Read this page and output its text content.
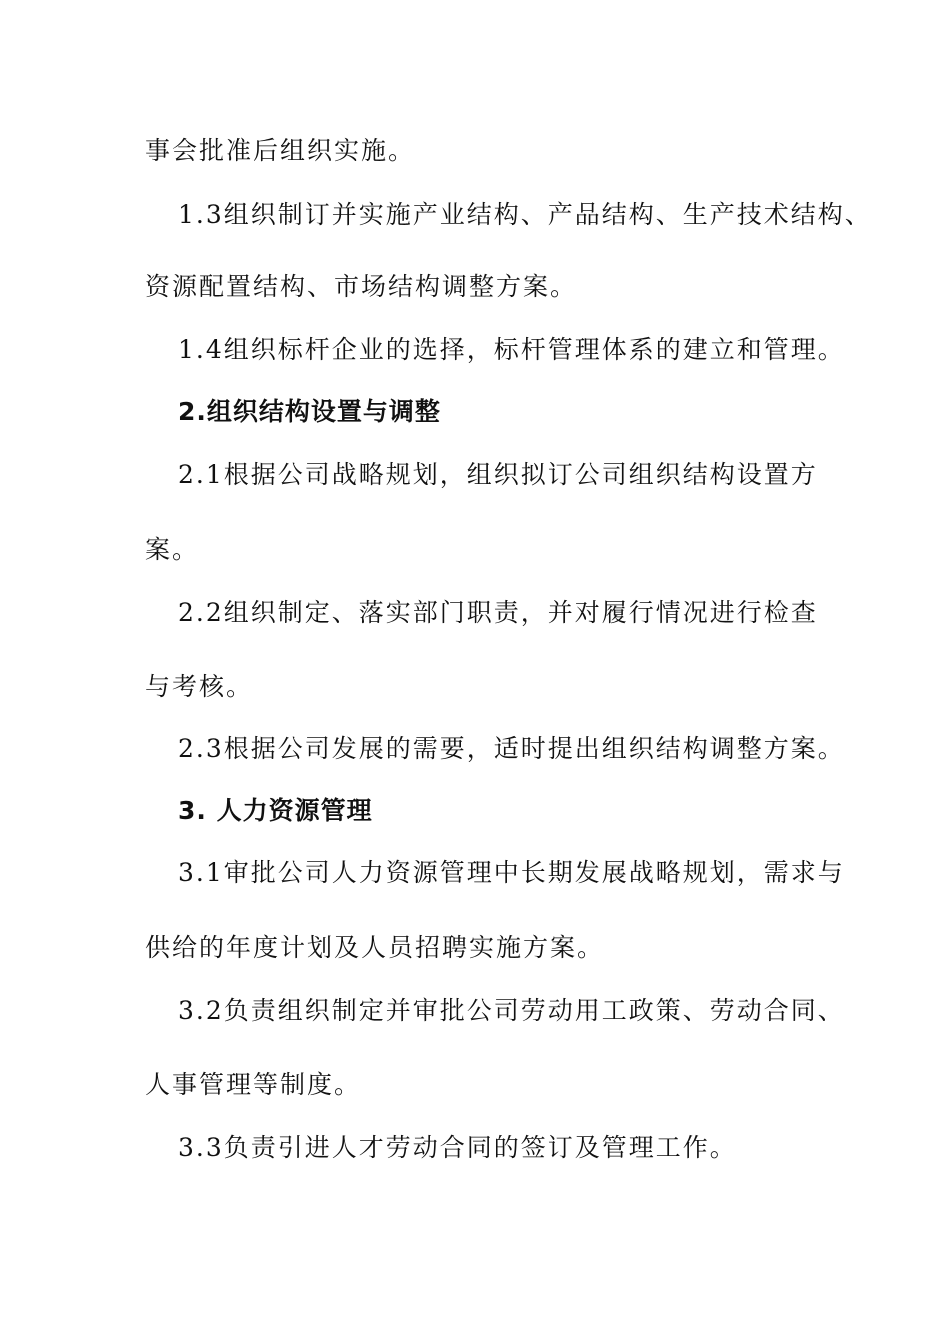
事会批准后组织实施。
1.3组织制订并实施产业结构、产品结构、生产技术结构、
资源配置结构、市场结构调整方案。
1.4组织标杆企业的选择，标杆管理体系的建立和管理。
2.组织结构设置与调整
2.1根据公司战略规划，组织拟订公司组织结构设置方
案。
2.2组织制定、落实部门职责，并对履行情况进行检查
与考核。
2.3根据公司发展的需要，适时提出组织结构调整方案。
3. 人力资源管理
3.1审批公司人力资源管理中长期发展战略规划，需求与
供给的年度计划及人员招聘实施方案。
3.2负责组织制定并审批公司劳动用工政策、劳动合同、
人事管理等制度。
3.3负责引进人才劳动合同的签订及管理工作。
